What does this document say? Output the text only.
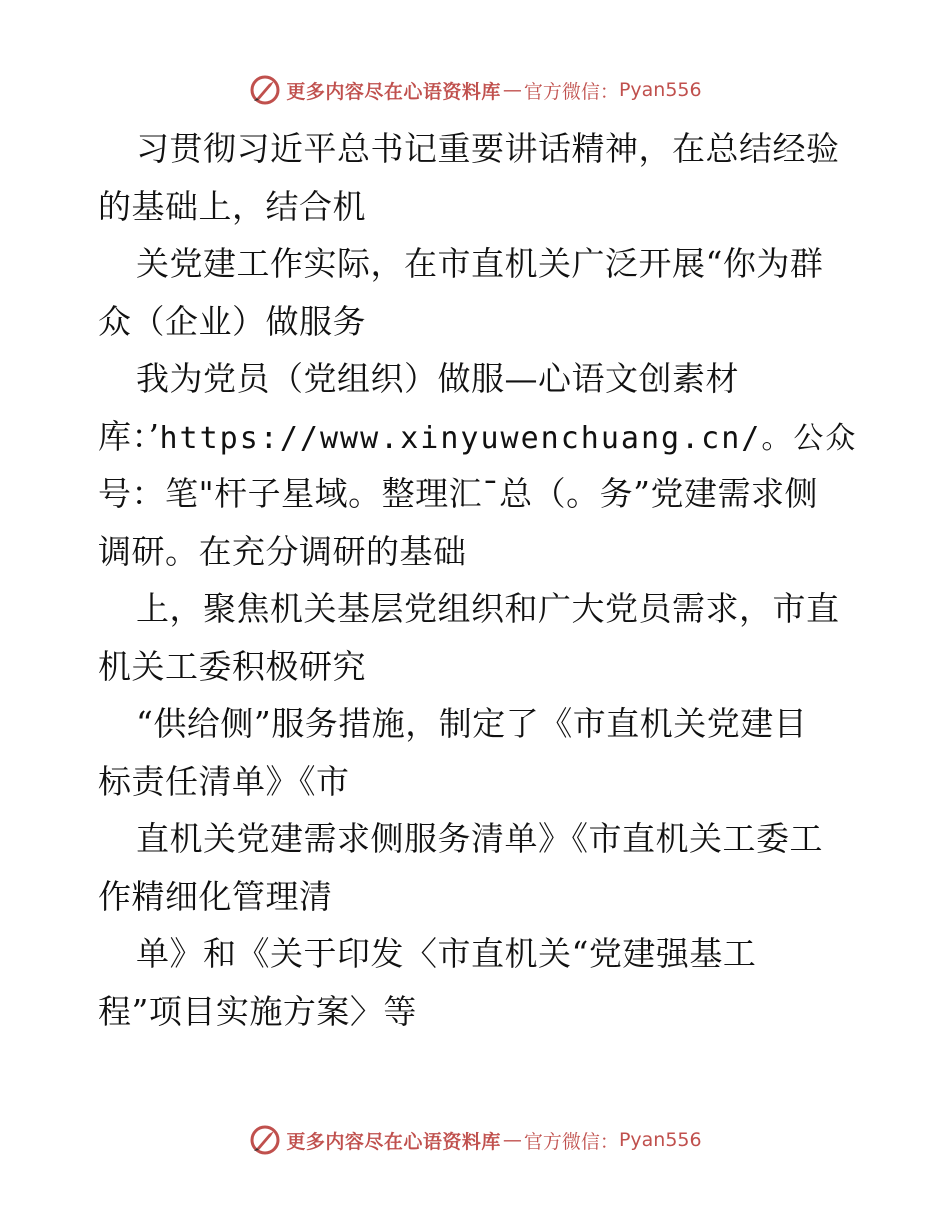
更多内容尽在心语资料库 — 官方微信： Pyan556
习贯彻习近平总书记重要讲话精神，在总结经验
的基础上，结合机
关党建工作实际，在市直机关广泛开展“你为群
众（企业）做服务
我为党员（党组织）做服—心语文创素材
库：’https://www.xinyuwenchuang.cn/。公众
号：笔"杆子星域。整理汇¯总（。务”党建需求侧
调研。在充分调研的基础
上，聚焦机关基层党组织和广大党员需求，市直
机关工委积极研究
“供给侧”服务措施，制定了《市直机关党建目
标责任清单》《市
直机关党建需求侧服务清单》《市直机关工委工
作精细化管理清
单》和《关于印发〈市直机关“党建强基工
程”项目实施方案〉等
更多内容尽在心语资料库 — 官方微信： Pyan556
